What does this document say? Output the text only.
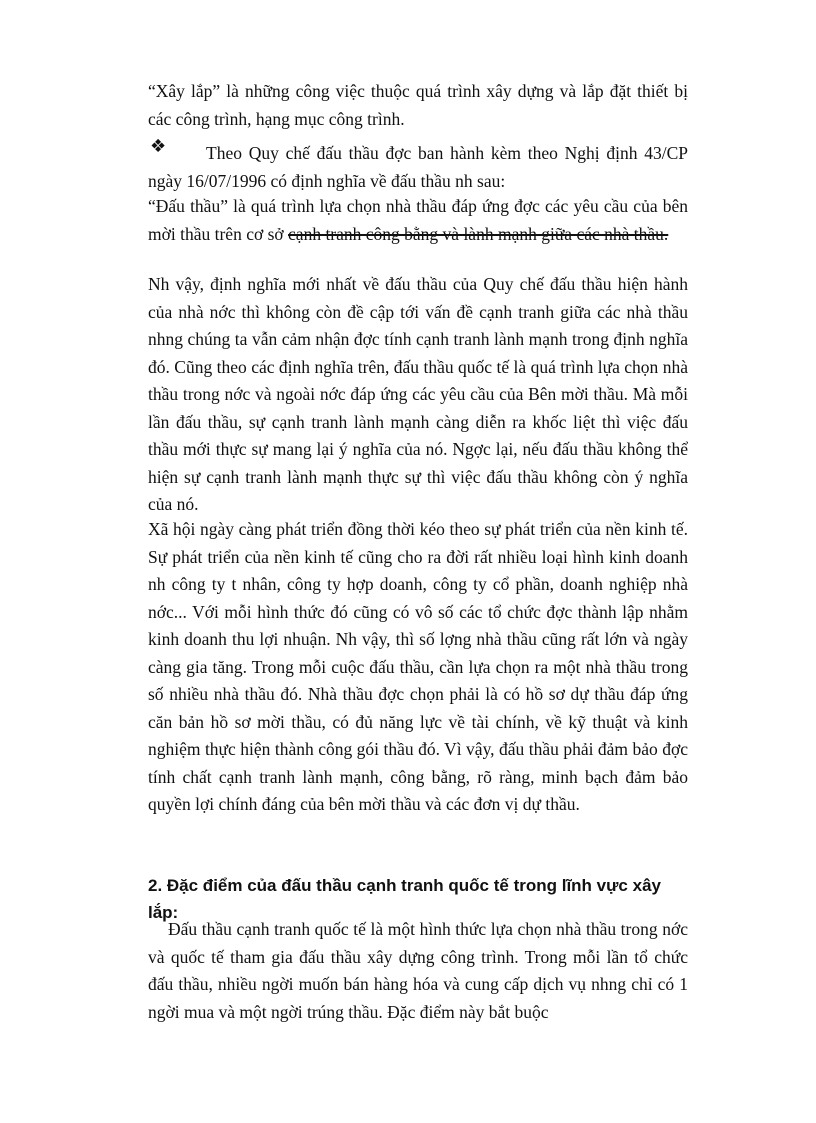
“Xây lắp” là những công việc thuộc quá trình xây dựng và lắp đặt thiết bị các công trình, hạng mục công trình.

❖	Theo Quy chế đấu thầu đợc ban hành kèm theo Nghị định 43/CP ngày 16/07/1996 có định nghĩa về đấu thầu nh sau:

“Đấu thầu” là quá trình lựa chọn nhà thầu đáp ứng đợc các yêu cầu của bên mời thầu trên cơ sở cạnh tranh công bằng và lành mạnh giữa các nhà thầu.

Nh vậy, định nghĩa mới nhất về đấu thầu của Quy chế đấu thầu hiện hành của nhà nớc thì không còn đề cập tới vấn đề cạnh tranh giữa các nhà thầu nhng chúng ta vẫn cảm nhận đợc tính cạnh tranh lành mạnh trong định nghĩa đó. Cũng theo các định nghĩa trên, đấu thầu quốc tế là quá trình lựa chọn nhà thầu trong nớc và ngoài nớc đáp ứng các yêu cầu của Bên mời thầu. Mà mỗi lần đấu thầu, sự cạnh tranh lành mạnh càng diễn ra khốc liệt thì việc đấu thầu mới thực sự mang lại ý nghĩa của nó. Ngợc lại, nếu đấu thầu không thể hiện sự cạnh tranh lành mạnh thực sự thì việc đấu thầu không còn ý nghĩa của nó.

Xã hội ngày càng phát triển đồng thời kéo theo sự phát triển của nền kinh tế. Sự phát triển của nền kinh tế cũng cho ra đời rất nhiều loại hình kinh doanh nh công ty t nhân, công ty hợp doanh, công ty cổ phần, doanh nghiệp nhà nớc... Với mỗi hình thức đó cũng có vô số các tổ chức đợc thành lập nhằm kinh doanh thu lợi nhuận. Nh vậy, thì số lợng nhà thầu cũng rất lớn và ngày càng gia tăng. Trong mỗi cuộc đấu thầu, cần lựa chọn ra một nhà thầu trong số nhiều nhà thầu đó. Nhà thầu đợc chọn phải là có hồ sơ dự thầu đáp ứng căn bản hồ sơ mời thầu, có đủ năng lực về tài chính, về kỹ thuật và kinh nghiệm thực hiện thành công gói thầu đó. Vì vậy, đấu thầu phải đảm bảo đợc tính chất cạnh tranh lành mạnh, công bằng, rõ ràng, minh bạch đảm bảo quyền lợi chính đáng của bên mời thầu và các đơn vị dự thầu.

2. Đặc điểm của đấu thầu cạnh tranh quốc tế trong lĩnh vực xây lắp:

Đấu thầu cạnh tranh quốc tế là một hình thức lựa chọn nhà thầu trong nớc và quốc tế tham gia đấu thầu xây dựng công trình. Trong mỗi lần tổ chức đấu thầu, nhiều ngời muốn bán hàng hóa và cung cấp dịch vụ nhng chỉ có 1 ngời mua và một ngời trúng thầu. Đặc điểm này bắt buộc
